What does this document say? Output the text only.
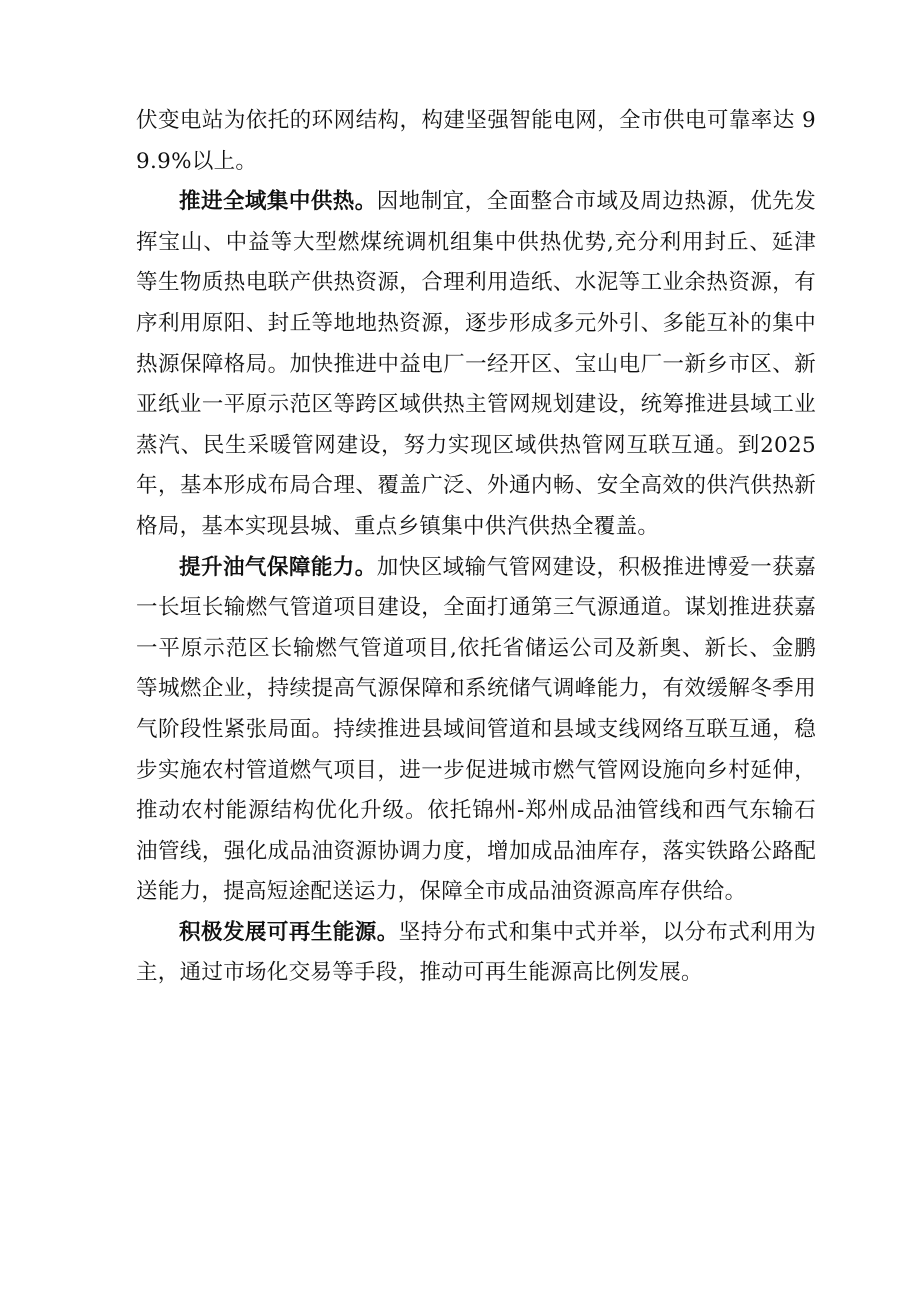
伏变电站为依托的环网结构，构建坚强智能电网，全市供电可靠率达 99.9%以上。

推进全域集中供热。因地制宜，全面整合市域及周边热源，优先发挥宝山、中益等大型燃煤统调机组集中供热优势,充分利用封丘、延津等生物质热电联产供热资源，合理利用造纸、水泥等工业余热资源，有序利用原阳、封丘等地地热资源，逐步形成多元外引、多能互补的集中热源保障格局。加快推进中益电厂一经开区、宝山电厂一新乡市区、新亚纸业一平原示范区等跨区域供热主管网规划建设，统筹推进县域工业蒸汽、民生采暖管网建设，努力实现区域供热管网互联互通。到2025 年，基本形成布局合理、覆盖广泛、外通内畅、安全高效的供汽供热新格局，基本实现县城、重点乡镇集中供汽供热全覆盖。

提升油气保障能力。加快区域输气管网建设，积极推进博爱一获嘉一长垣长输燃气管道项目建设，全面打通第三气源通道。谋划推进获嘉一平原示范区长输燃气管道项目,依托省储运公司及新奥、新长、金鹏等城燃企业，持续提高气源保障和系统储气调峰能力，有效缓解冬季用气阶段性紧张局面。持续推进县域间管道和县域支线网络互联互通，稳步实施农村管道燃气项目，进一步促进城市燃气管网设施向乡村延伸，推动农村能源结构优化升级。依托锦州-郑州成品油管线和西气东输石油管线，强化成品油资源协调力度，增加成品油库存，落实铁路公路配送能力，提高短途配送运力，保障全市成品油资源高库存供给。

积极发展可再生能源。坚持分布式和集中式并举，以分布式利用为主，通过市场化交易等手段，推动可再生能源高比例发展。
